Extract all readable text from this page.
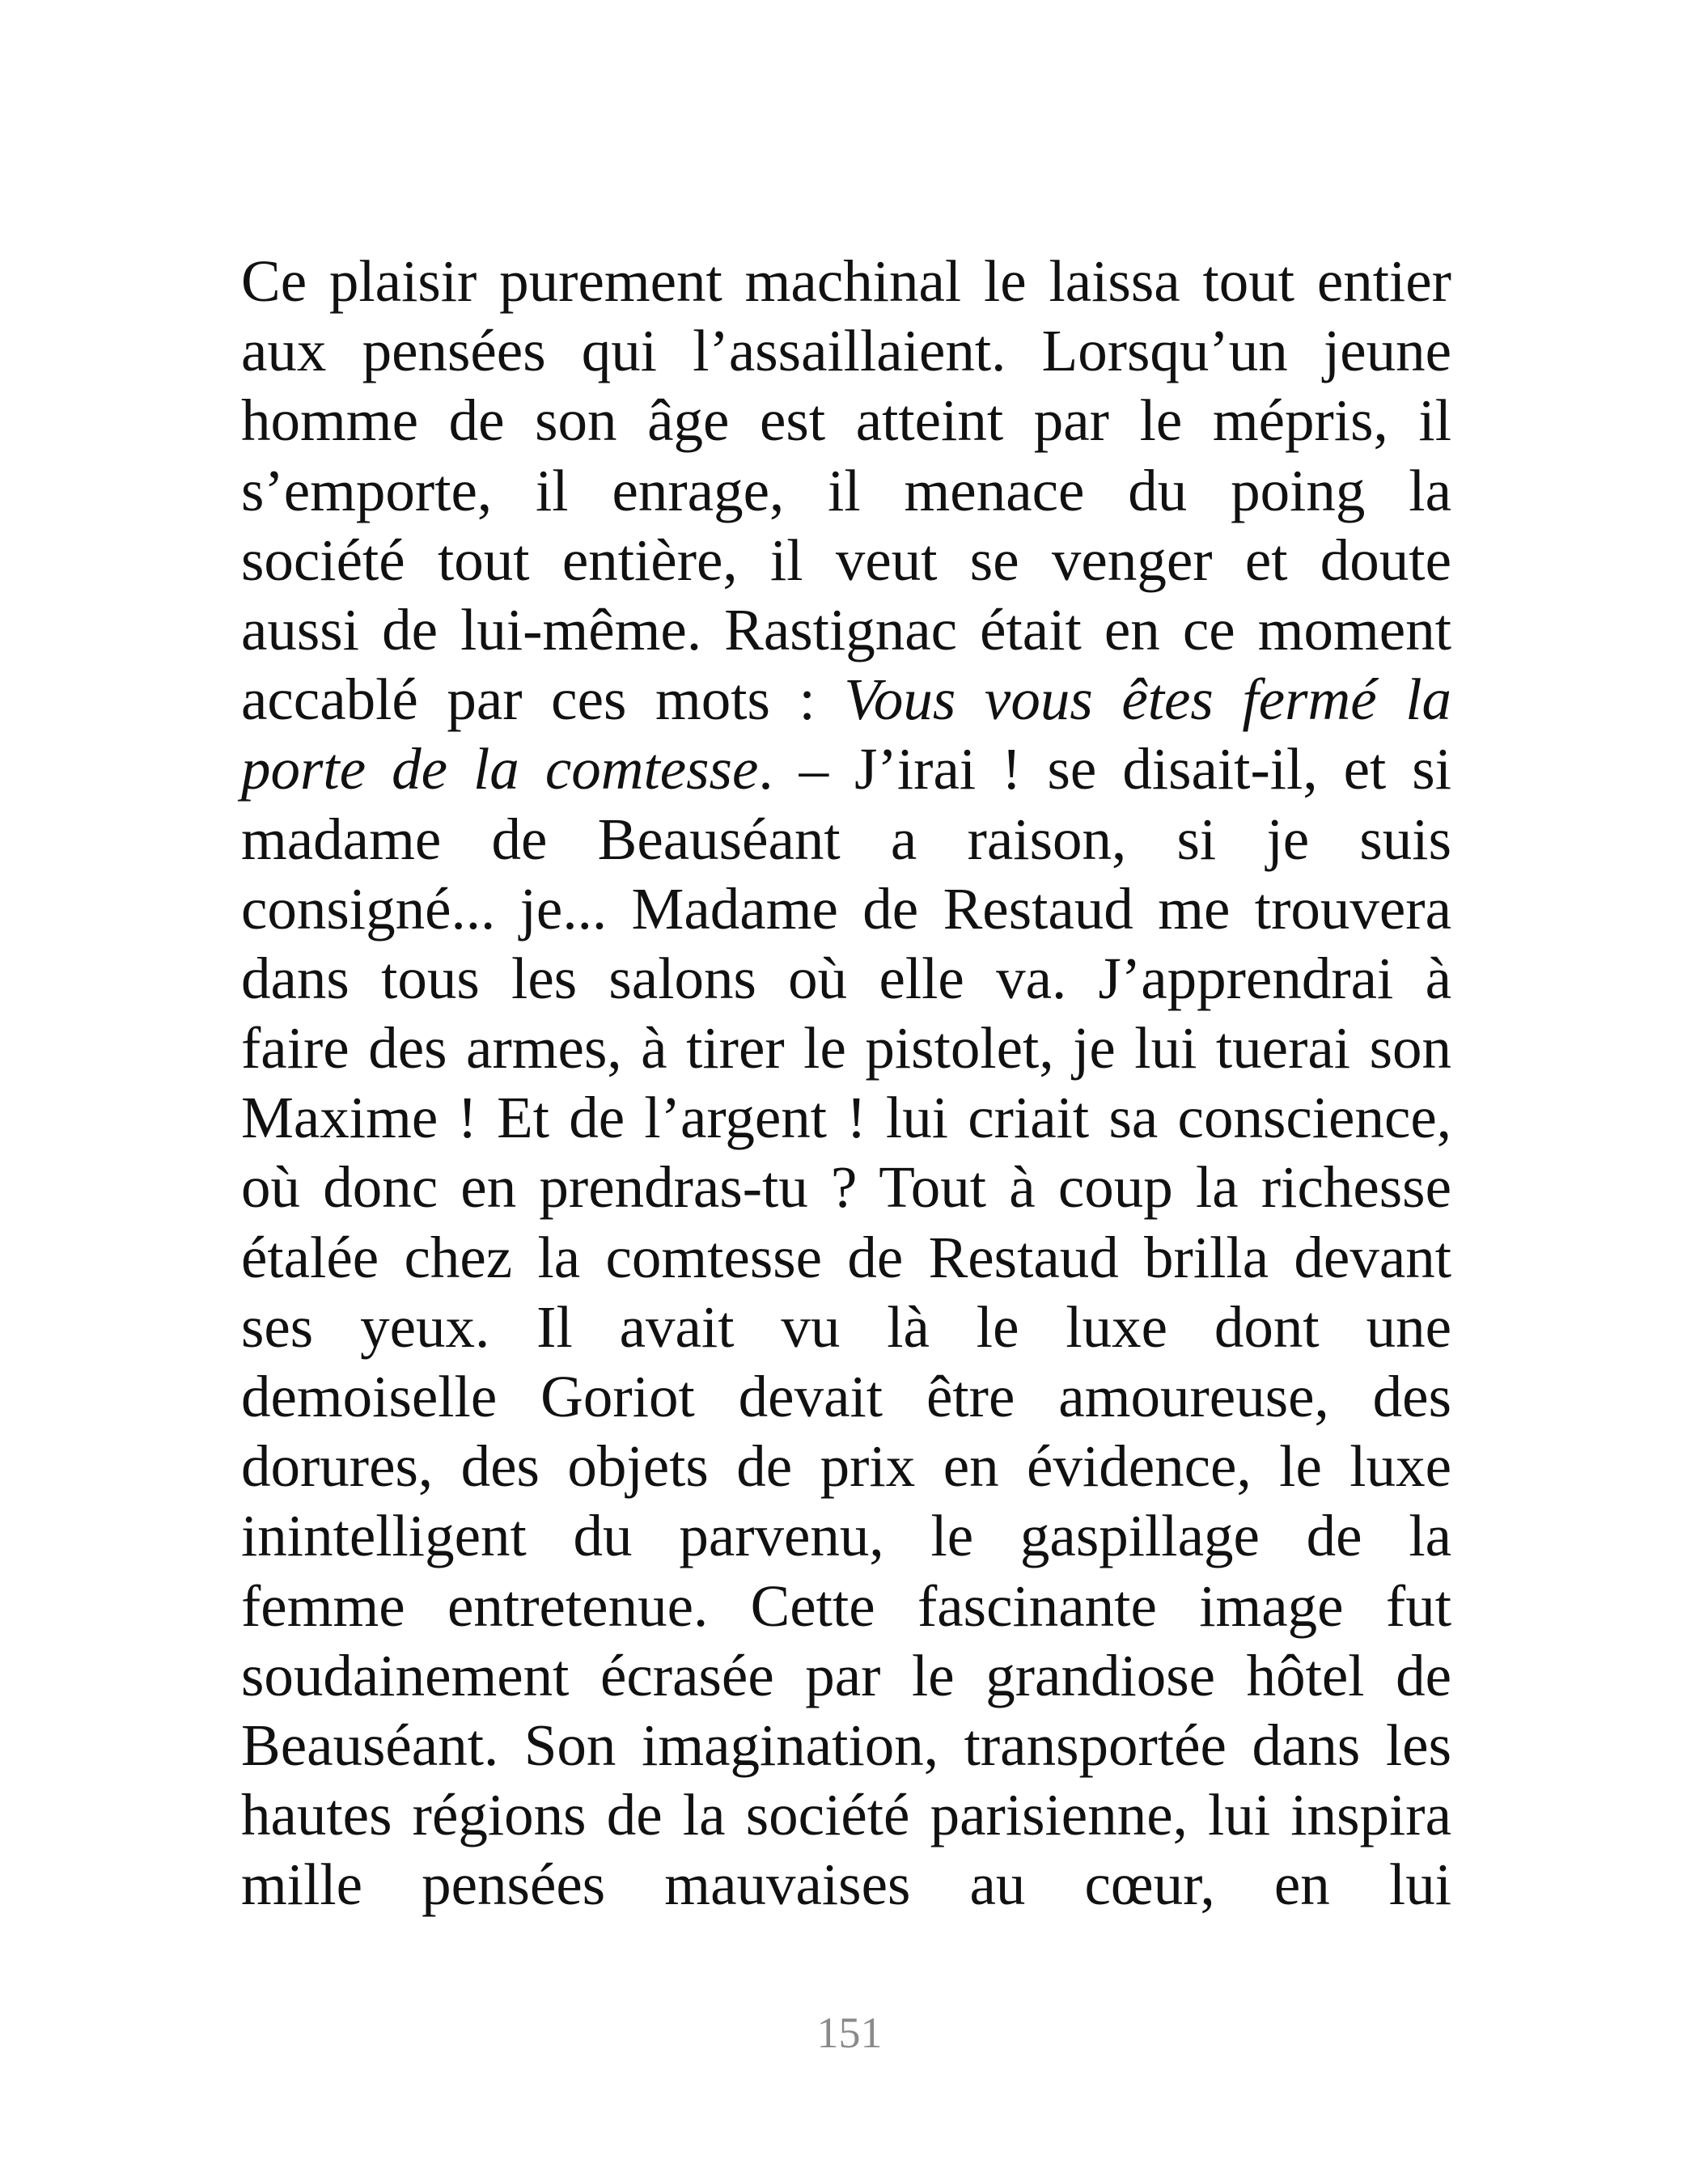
Ce plaisir purement machinal le laissa tout entier
aux pensées qui l’assaillaient. Lorsqu’un jeune
homme de son âge est atteint par le mépris, il
s’emporte, il enrage, il menace du poing la
société tout entière, il veut se venger et doute
aussi de lui-même. Rastignac était en ce moment
accablé par ces mots : Vous vous êtes fermé la
porte de la comtesse. – J’irai ! se disait-il, et si
madame de Beauséant a raison, si je suis
consigné... je... Madame de Restaud me trouvera
dans tous les salons où elle va. J’apprendrai à
faire des armes, à tirer le pistolet, je lui tuerai son
Maxime ! Et de l’argent ! lui criait sa conscience,
où donc en prendras-tu ? Tout à coup la richesse
étalée chez la comtesse de Restaud brilla devant
ses yeux. Il avait vu là le luxe dont une
demoiselle Goriot devait être amoureuse, des
dorures, des objets de prix en évidence, le luxe
inintelligent du parvenu, le gaspillage de la
femme entretenue. Cette fascinante image fut
soudainement écrasée par le grandiose hôtel de
Beauséant. Son imagination, transportée dans les
hautes régions de la société parisienne, lui inspira
mille pensées mauvaises au cœur, en lui
151
